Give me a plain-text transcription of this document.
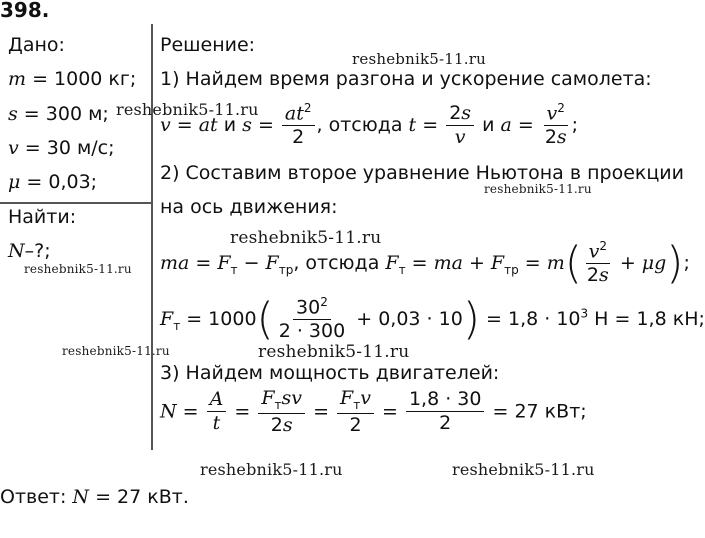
398.
Дано:
m = 1000 кг;
s = 300 м;
v = 30 м/с;
μ = 0,03;
Найти:
N–?;
Решение:
1) Найдем время разгона и ускорение самолета:
v = at и $s = \frac{at^2}{2}$ , отсюда $t = \frac{2s}{v}$ и $a = \frac{v^2}{2s}$ ;
2) Составим второе уравнение Ньютона в проекции
на ось движения:
ma = $F_т - F_{тр}$, отсюда $F_т$ = ma + $F_{тр} = m( \frac{v^2}{2s} + \mu g)$;
$F_т = 1000( \frac{30^2}{2 \cdot 300} + 0,03 \cdot 10) = 1,8 \cdot 10^3$ Н = 1,8 кН;
3) Найдем мощность двигателей:
$N = \frac{A}{t} = \frac{F_тsv}{2s} = \frac{F_тv}{2} = \frac{1,8 \cdot 30}{2} = 27$ кВт;
Ответ: N = 27 кВт.
reshebnik5-11.ru
reshebnik5-11.ru
reshebnik5-11.ru
reshebnik5-11.ru
reshebnik5-11.ru
reshebnik5-11.ru	reshebnik5-11.ru
reshebnik5-11.ru	reshebnik5-11.ru
